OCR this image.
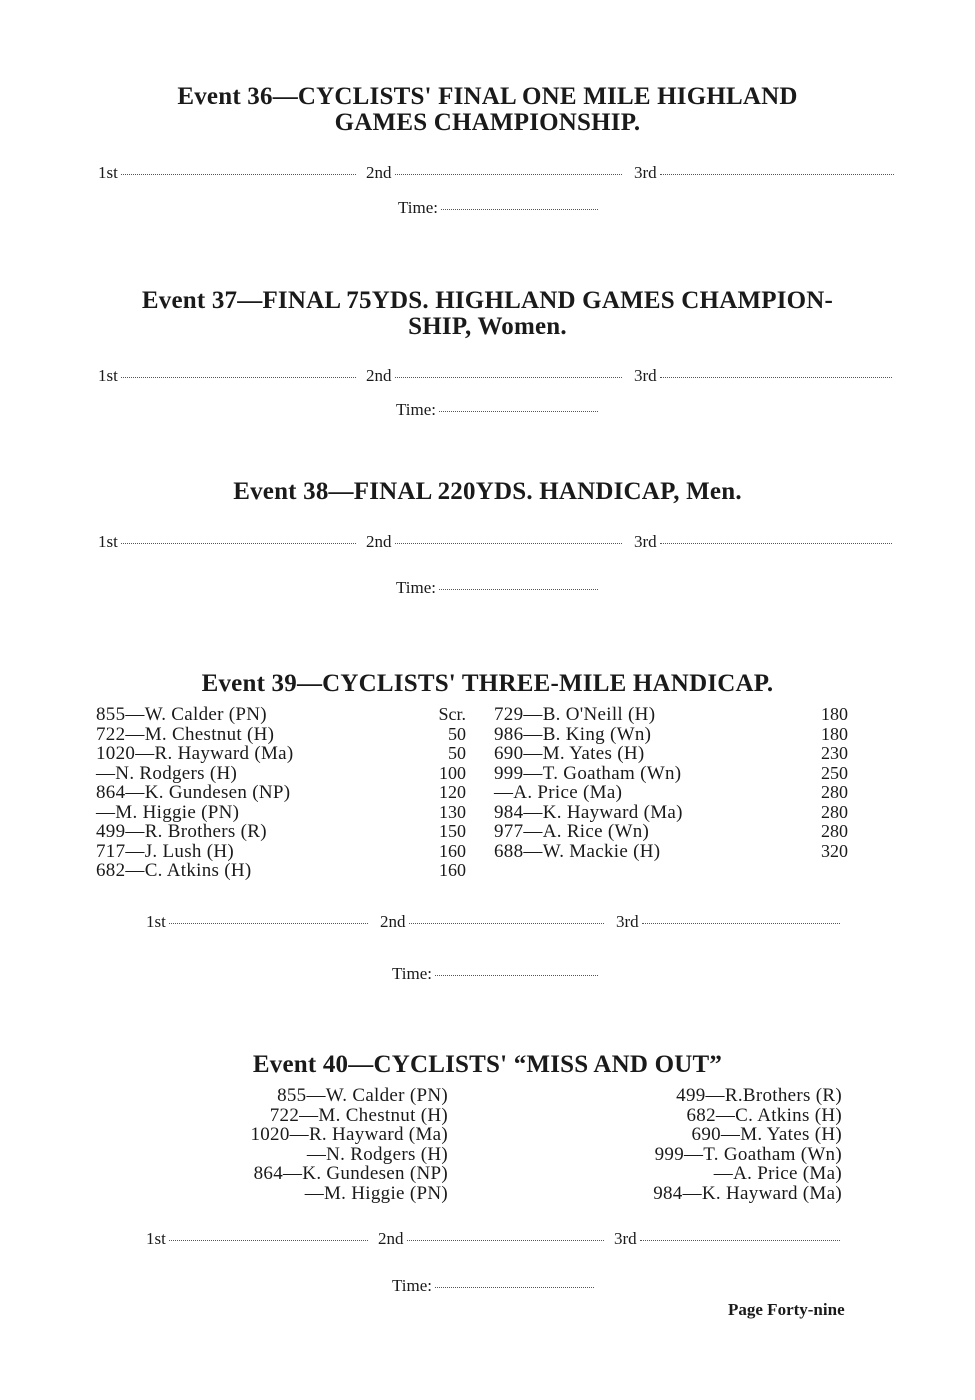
Event 36—CYCLISTS' FINAL ONE MILE HIGHLAND
GAMES CHAMPIONSHIP.
1st	2nd	3rd
Time:
Event 37—FINAL 75YDS. HIGHLAND GAMES CHAMPION-
SHIP, Women.
1st	2nd	3rd
Time:
Event 38—FINAL 220YDS. HANDICAP, Men.
1st	2nd	3rd
Time:
Event 39—CYCLISTS' THREE-MILE HANDICAP.
855—W. Calder (PN)	Scr.
722—M. Chestnut (H)	50
1020—R. Hayward (Ma)	50
—N. Rodgers (H)	100
864—K. Gundesen (NP)	120
—M. Higgie (PN)	130
499—R. Brothers (R)	150
717—J. Lush (H)	160
682—C. Atkins (H)	160
729—B. O'Neill (H)	180
986—B. King (Wn)	180
690—M. Yates (H)	230
999—T. Goatham (Wn)	250
—A. Price (Ma)	280
984—K. Hayward (Ma)	280
977—A. Rice (Wn)	280
688—W. Mackie (H)	320
1st	2nd	3rd
Time:
Event 40—CYCLISTS' “MISS AND OUT”
855—W. Calder (PN)
722—M. Chestnut (H)
1020—R. Hayward (Ma)
—N. Rodgers (H)
864—K. Gundesen (NP)
—M. Higgie (PN)
499—R.Brothers (R)
682—C. Atkins (H)
690—M. Yates (H)
999—T. Goatham (Wn)
—A. Price (Ma)
984—K. Hayward (Ma)
1st	2nd	3rd
Time:
Page Forty-nine
